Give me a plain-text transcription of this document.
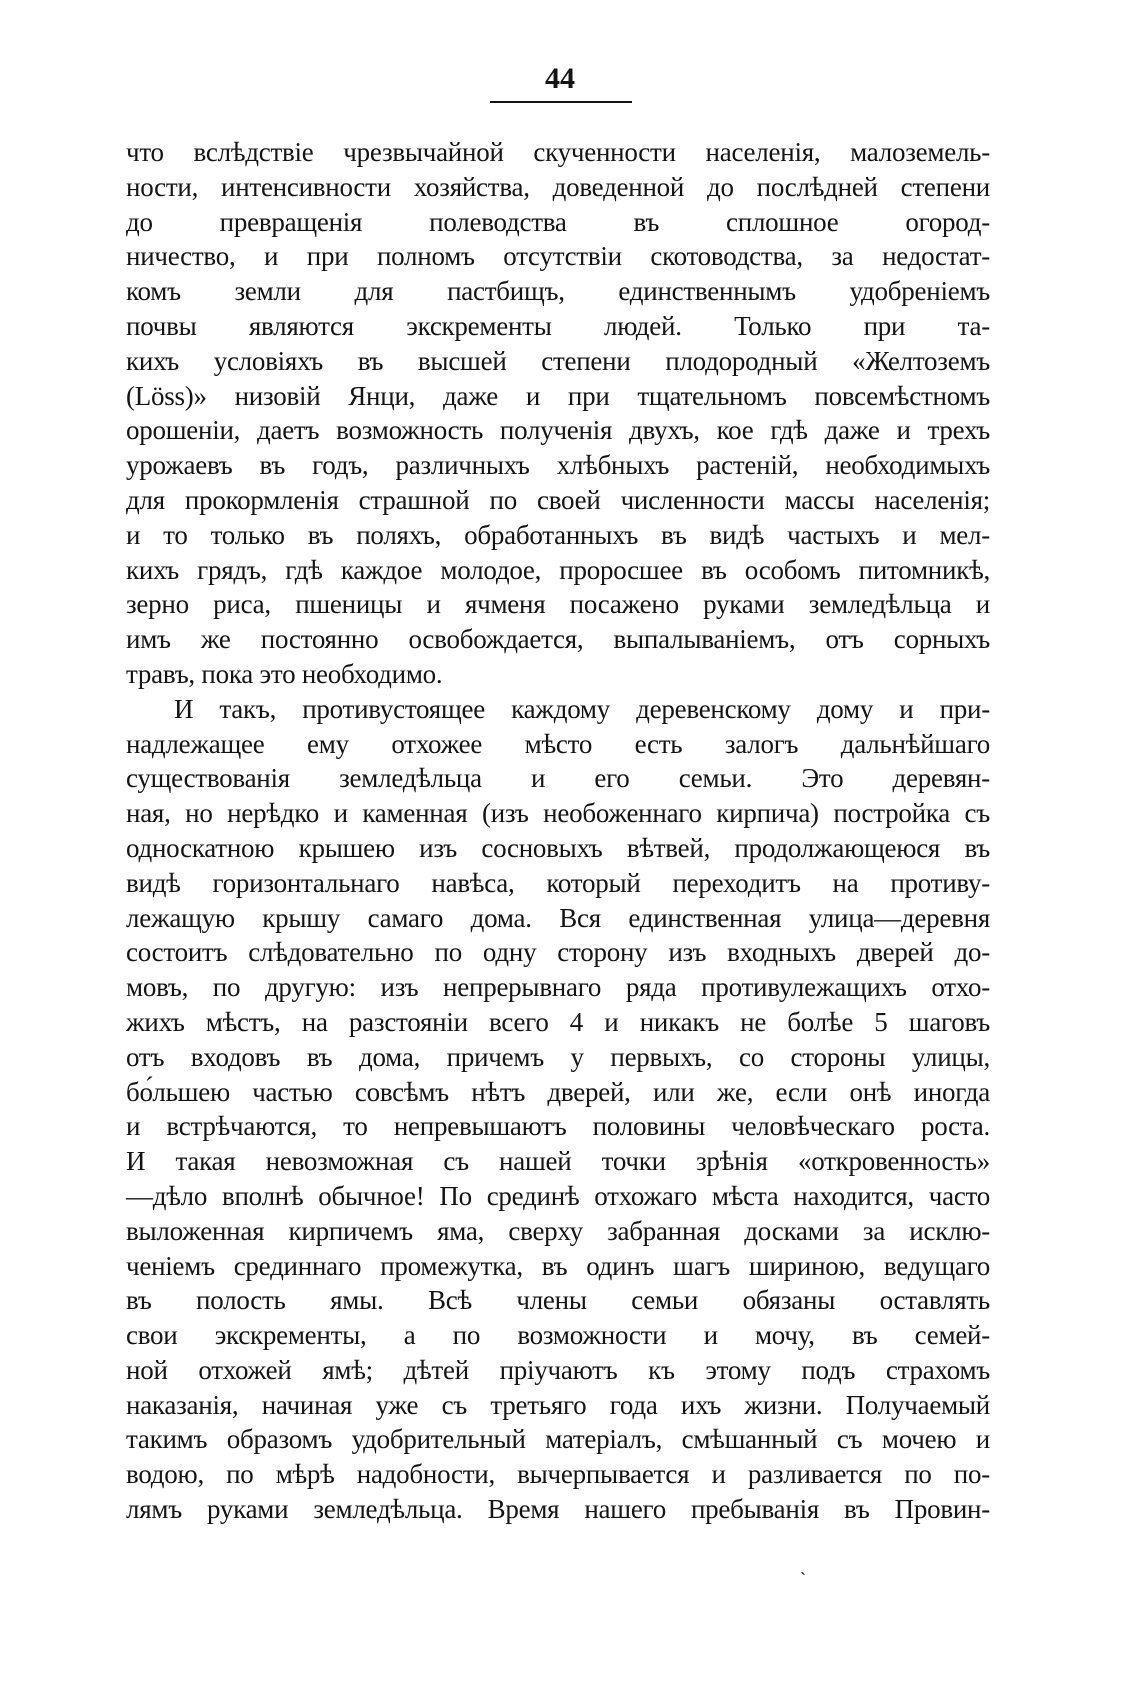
44
что вслѣдствіе чрезвычайной скученности населенія, малоземель-
ности, интенсивности хозяйства, доведенной до послѣдней степени
до превращенія полеводства въ сплошное огород-
ничество, и при полномъ отсутствіи скотоводства, за недостат-
комъ земли для пастбищъ, единственнымъ удобреніемъ
почвы являются экскременты людей. Только при та-
кихъ условіяхъ въ высшей степени плодородный «Желтоземъ
(Löss)» низовій Янци, даже и при тщательномъ повсемѣстномъ
орошеніи, даетъ возможность полученія двухъ, кое гдѣ даже и трехъ
урожаевъ въ годъ, различныхъ хлѣбныхъ растеній, необходимыхъ
для прокормленія страшной по своей численности массы населенія;
и то только въ поляхъ, обработанныхъ въ видѣ частыхъ и мел-
кихъ грядъ, гдѣ каждое молодое, проросшее въ особомъ питомникѣ,
зерно риса, пшеницы и ячменя посажено руками земледѣльца и
имъ же постоянно освобождается, выпалываніемъ, отъ сорныхъ
травъ, пока это необходимо.
И такъ, противустоящее каждому деревенскому дому и при-
надлежащее ему отхожее мѣсто есть залогъ дальнѣйшаго
существованія земледѣльца и его семьи. Это деревян-
ная, но нерѣдко и каменная (изъ необоженнаго кирпича) постройка съ
односкатною крышею изъ сосновыхъ вѣтвей, продолжающеюся въ
видѣ горизонтальнаго навѣса, который переходитъ на противу-
лежащую крышу самаго дома. Вся единственная улица—деревня
состоитъ слѣдовательно по одну сторону изъ входныхъ дверей до-
мовъ, по другую: изъ непрерывнаго ряда противулежащихъ отхо-
жихъ мѣстъ, на разстояніи всего 4 и никакъ не болѣе 5 шаговъ
отъ входовъ въ дома, причемъ у первыхъ, со стороны улицы,
бо́льшею частью совсѣмъ нѣтъ дверей, или же, если онѣ иногда
и встрѣчаются, то непревышаютъ половины человѣческаго роста.
И такая невозможная съ нашей точки зрѣнія «откровенность»
—дѣло вполнѣ обычное! По срединѣ отхожаго мѣста находится, часто
выложенная кирпичемъ яма, сверху забранная досками за исклю-
ченіемъ срединнаго промежутка, въ одинъ шагъ шириною, ведущаго
въ полость ямы. Всѣ члены семьи обязаны оставлять
свои экскременты, а по возможности и мочу, въ семей-
ной отхожей ямѣ; дѣтей пріучаютъ къ этому подъ страхомъ
наказанія, начиная уже съ третьяго года ихъ жизни. Получаемый
такимъ образомъ удобрительный матеріалъ, смѣшанный съ мочею и
водою, по мѣрѣ надобности, вычерпывается и разливается по по-
лямъ руками земледѣльца. Время нашего пребыванія въ Провин-
`
